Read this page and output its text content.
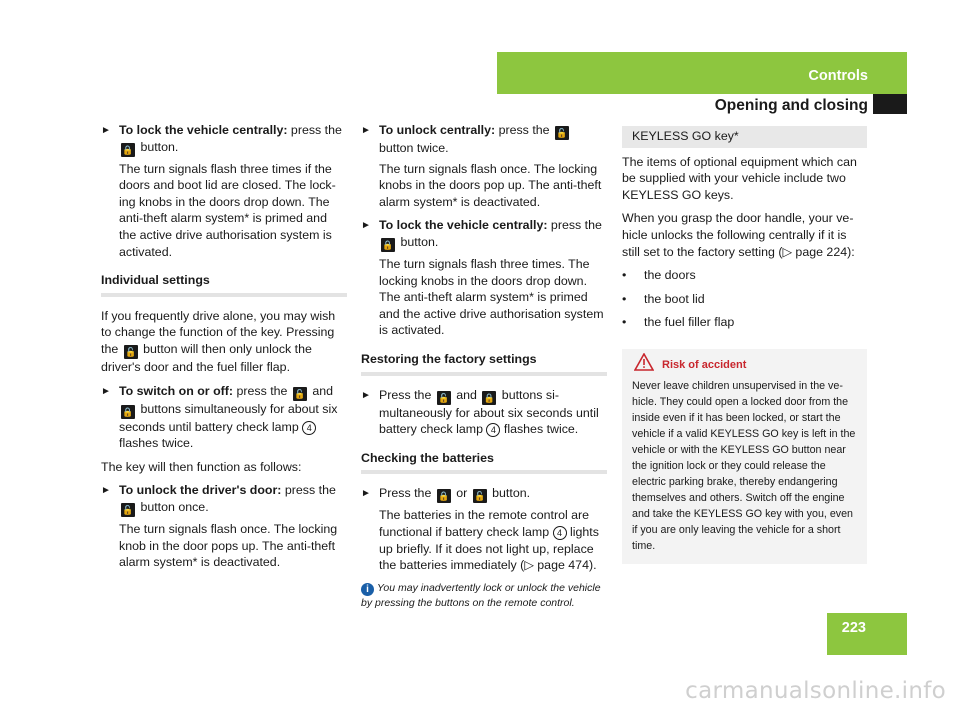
Controls
Opening and closing
► To lock the vehicle centrally: press the 🔒 button.

The turn signals flash three times if the doors and boot lid are closed. The locking knobs in the doors drop down. The anti-theft alarm system* is primed and the active drive authorisation system is activated.

Individual settings

If you frequently drive alone, you may wish to change the function of the key. Pressing the 🔓 button will then only unlock the driver's door and the fuel filler flap.

► To switch on or off: press the 🔓 and 🔒 buttons simultaneously for about six seconds until battery check lamp 4 flashes twice.

The key will then function as follows:

► To unlock the driver's door: press the 🔓 button once.

The turn signals flash once. The locking knob in the door pops up. The anti-theft alarm system* is deactivated.

► To unlock centrally: press the 🔓 button twice.

The turn signals flash once. The locking knobs in the doors pop up. The anti-theft alarm system* is deactivated.

► To lock the vehicle centrally: press the 🔒 button.

The turn signals flash three times. The locking knobs in the doors drop down. The anti-theft alarm system* is primed and the active drive authorisation system is activated.

Restoring the factory settings
► Press the 🔓 and 🔒 buttons simultaneously for about six seconds until battery check lamp 4 flashes twice.

Checking the batteries
► Press the 🔒 or 🔓 button.

The batteries in the remote control are functional if battery check lamp 4 lights up briefly. If it does not light up, replace the batteries immediately (▷ page 474).

i You may inadvertently lock or unlock the vehicle by pressing the buttons on the remote control.
KEYLESS GO key*

The items of optional equipment which can be supplied with your vehicle include two KEYLESS GO keys.

When you grasp the door handle, your vehicle unlocks the following centrally if it is still set to the factory setting (▷ page 224):

• the doors
• the boot lid
• the fuel filler flap
Risk of accident
Never leave children unsupervised in the vehicle. They could open a locked door from the inside even if it has been locked, or start the vehicle if a valid KEYLESS GO key is left in the vehicle or with the KEYLESS GO button near the ignition lock or they could release the electric parking brake, thereby endangering themselves and others. Switch off the engine and take the KEYLESS GO key with you, even if you are only leaving the vehicle for a short time.
223
carmanualsonline.info
